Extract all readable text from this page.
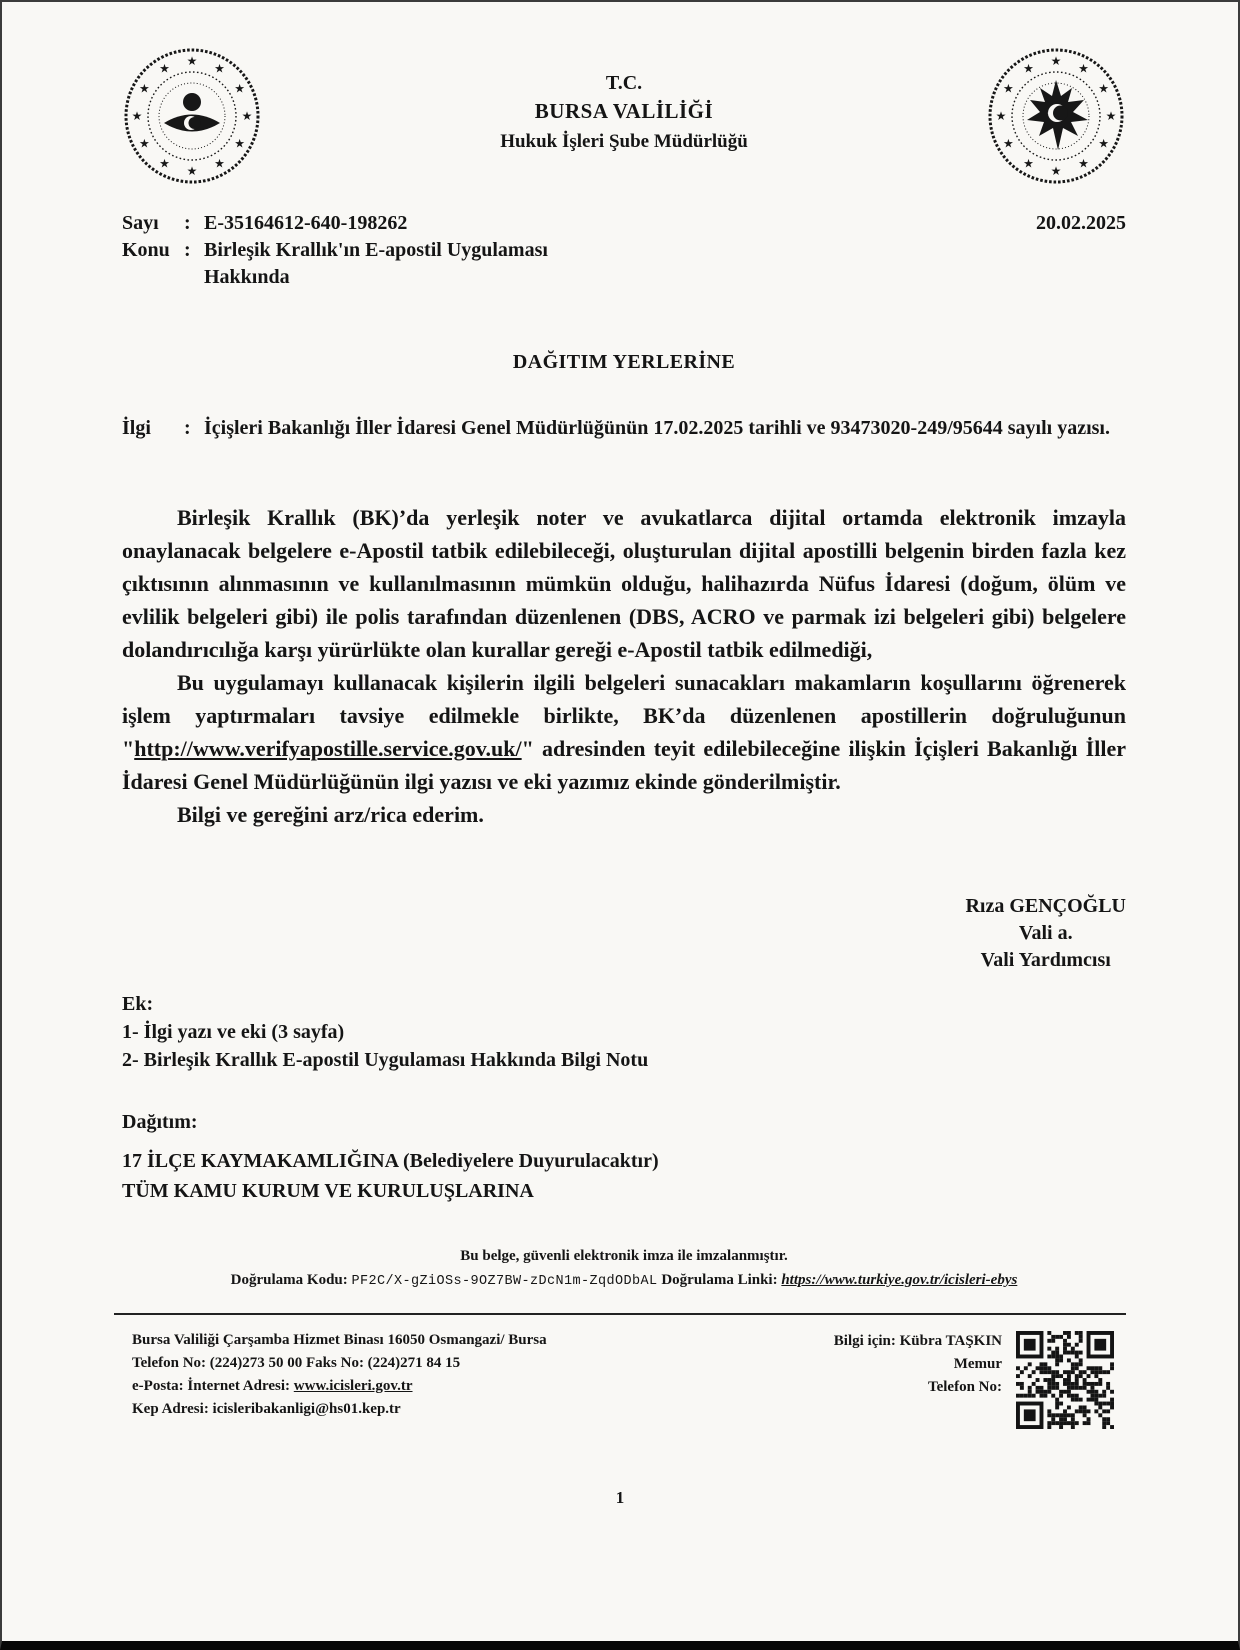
★
★
★
★
★
★
★
★
★
★
★
★	T.C.
BURSA VALİLİĞİ
Hukuk İşleri Şube Müdürlüğü
★
★
★
★
★
★
★
★
★
★
★
★
★
Sayı	: E-35164612-640-198262
Konu : Birleşik Krallık'ın E-apostil Uygulaması
Hakkında
20.02.2025
DAĞITIM YERLERİNE
İlgi	: İçişleri Bakanlığı İller İdaresi Genel Müdürlüğünün 17.02.2025 tarihli ve 93473020-249/95644 sayılı yazısı.

Birleşik Krallık (BK)’da yerleşik noter ve avukatlarca dijital ortamda elektronik imzayla onaylanacak belgelere e-Apostil tatbik edilebileceği, oluşturulan dijital apostilli belgenin birden fazla kez çıktısının alınmasının ve kullanılmasının mümkün olduğu, halihazırda Nüfus İdaresi (doğum, ölüm ve evlilik belgeleri gibi) ile polis tarafından düzenlenen (DBS, ACRO ve parmak izi belgeleri gibi) belgelere dolandırıcılığa karşı yürürlükte olan kurallar gereği e-Apostil tatbik edilmediği,

Bu uygulamayı kullanacak kişilerin ilgili belgeleri sunacakları makamların koşullarını öğrenerek işlem yaptırmaları tavsiye edilmekle birlikte, BK’da düzenlenen apostillerin doğruluğunun "http://www.verifyapostille.service.gov.uk/" adresinden teyit edilebileceğine ilişkin İçişleri Bakanlığı İller İdaresi Genel Müdürlüğünün ilgi yazısı ve eki yazımız ekinde gönderilmiştir.

Bilgi ve gereğini arz/rica ederim.

Rıza GENÇOĞLU
Vali a.
Vali Yardımcısı
Ek:
1- İlgi yazı ve eki (3 sayfa)
2- Birleşik Krallık E-apostil Uygulaması Hakkında Bilgi Notu
Dağıtım:
17 İLÇE KAYMAKAMLIĞINA (Belediyelere Duyurulacaktır)
TÜM KAMU KURUM VE KURULUŞLARINA
Bu belge, güvenli elektronik imza ile imzalanmıştır.
Doğrulama Kodu: PF2C/X-gZiOSs-9OZ7BW-zDcN1m-ZqdODbAL Doğrulama Linki: https://www.turkiye.gov.tr/icisleri-ebys
Bursa Valiliği Çarşamba Hizmet Binası 16050 Osmangazi/ Bursa
Telefon No: (224)273 50 00 Faks No: (224)271 84 15
e-Posta: İnternet Adresi: www.icisleri.gov.tr
Kep Adresi: icisleribakanligi@hs01.kep.tr
Bilgi için: Kübra TAŞKIN
Memur
Telefon No:
1
